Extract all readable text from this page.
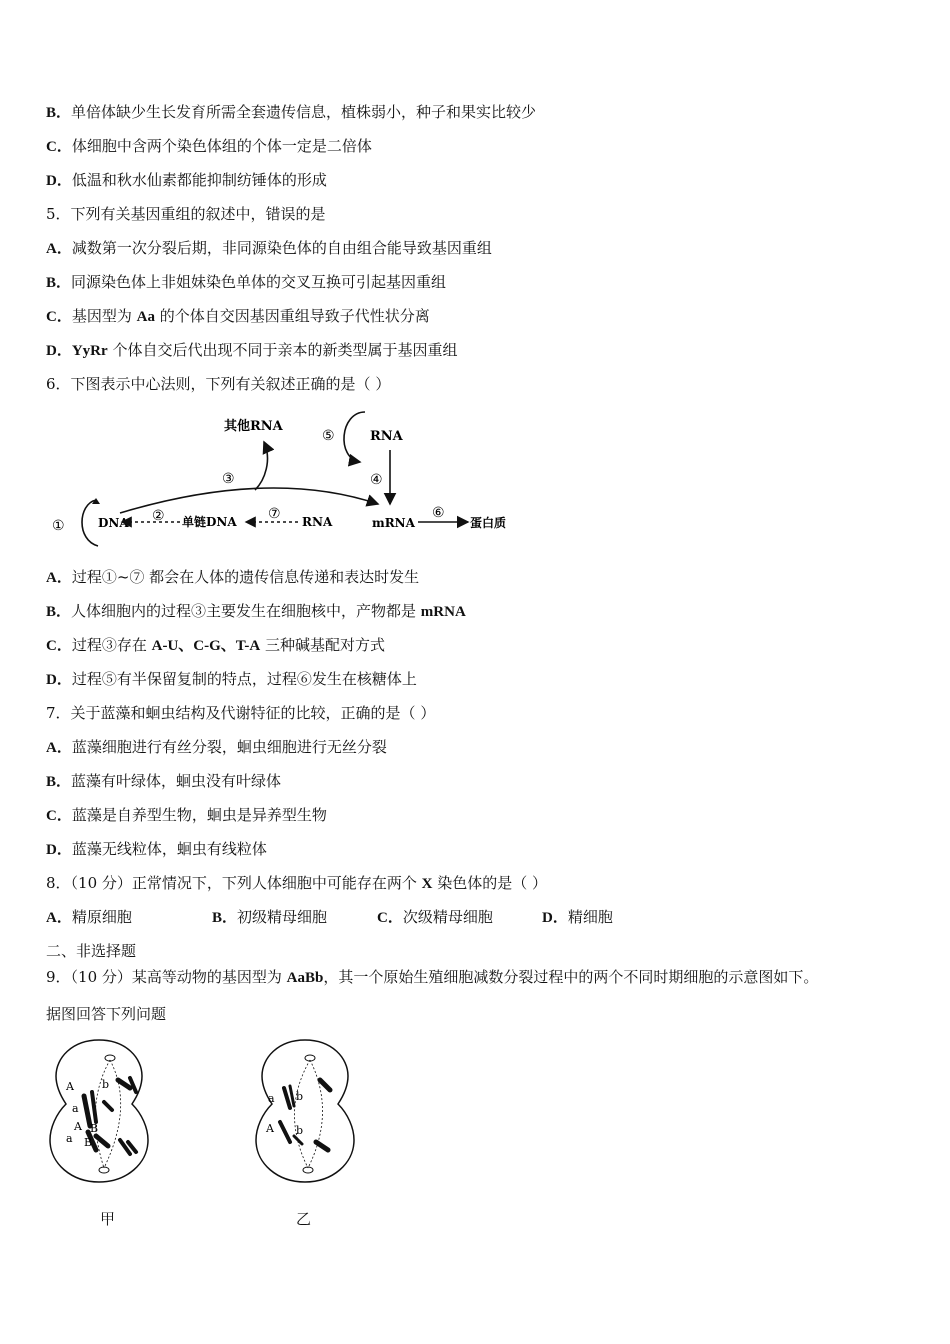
B．单倍体缺少生长发育所需全套遗传信息，植株弱小，种子和果实比较少
C．体细胞中含两个染色体组的个体一定是二倍体
D．低温和秋水仙素都能抑制纺锤体的形成
5．下列有关基因重组的叙述中，错误的是
A．减数第一次分裂后期，非同源染色体的自由组合能导致基因重组
B．同源染色体上非姐妹染色单体的交叉互换可引起基因重组
C．基因型为 Aa 的个体自交因基因重组导致子代性状分离
D．YyRr 个体自交后代出现不同于亲本的新类型属于基因重组
6．下图表示中心法则，下列有关叙述正确的是（ ）
①	DNA
③
其他RNA
⑤	RNA
④
② 单链DNA ⑦ RNA	mRNA
⑥
蛋白质
A．过程①~⑦ 都会在人体的遗传信息传递和表达时发生
B．人体细胞内的过程③主要发生在细胞核中，产物都是 mRNA
C．过程③存在 A-U、C-G、T-A 三种碱基配对方式
D．过程⑤有半保留复制的特点，过程⑥发生在核糖体上
7．关于蓝藻和蛔虫结构及代谢特征的比较，正确的是（ ）
A．蓝藻细胞进行有丝分裂，蛔虫细胞进行无丝分裂
B．蓝藻有叶绿体，蛔虫没有叶绿体
C．蓝藻是自养型生物，蛔虫是异养型生物
D．蓝藻无线粒体，蛔虫有线粒体
8．（10 分）正常情况下，下列人体细胞中可能存在两个 X 染色体的是（ ）
A．精原细胞	B．初级精母细胞	C．次级精母细胞	D．精细胞
二、非选择题
9．（10 分）某高等动物的基因型为 AaBb，其一个原始生殖细胞减数分裂过程中的两个不同时期细胞的示意图如下。
据图回答下列问题
A
a
b
A
a
B
B
甲
a b
A b
乙
